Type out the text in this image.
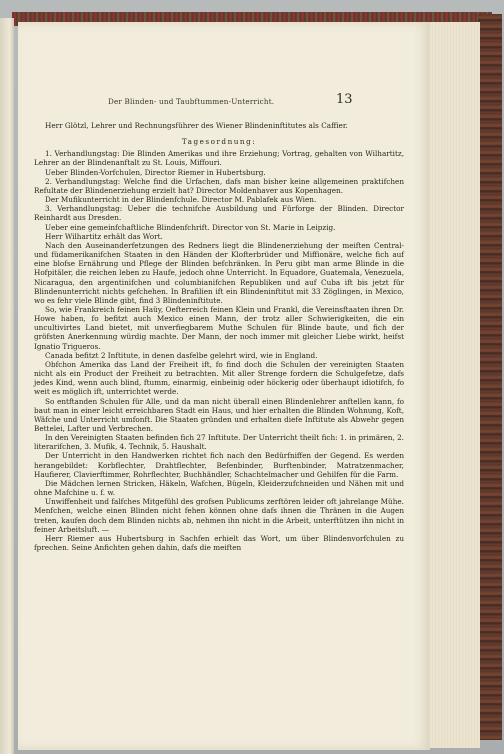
Der Blinden- und Taubftummen-Unterricht.	13

Herr Glötzl, Lehrer und Rechnungsführer des Wiener Blindeninftitutes als Caffier.

Tagesordnung:

1. Verhandlungstag: Die Blinden Amerikas und ihre Erziehung; Vortrag, gehalten von Wilhartitz, Lehrer an der Blindenanftalt zu St. Louis, Miffouri.

Ueber Blinden-Vorfchulen, Director Riemer in Hubertsburg.

2. Verhandlungstag: Welche find die Urfachen, dafs man bisher keine allgemeinen praktifchen Refultate der Blindenerziehung erzielt hat? Director Moldenhaver aus Kopenhagen.

Der Mufikunterricht in der Blindenfchule. Director M. Pablafek aus Wien.

3. Verhandlungstag: Ueber die technifche Ausbildung und Fürforge der Blinden. Director Reinhardt aus Dresden.

Ueber eine gemeinfchaftliche Blindenfchrift. Director von St. Marie in Leipzig.

Herr Wilhartitz erhält das Wort.

Nach den Auseinanderfetzungen des Redners liegt die Blindenerziehung der meiften Central- und füdamerikanifchen Staaten in den Händen der Klofterbrüder und Miffionäre, welche fich auf eine blofse Ernährung und Pflege der Blinden befchränken. In Peru gibt man arme Blinde in die Hofpitäler, die reichen leben zu Haufe, jedoch ohne Unterricht. In Equadore, Guatemala, Venezuela, Nicaragua, den argentinifchen und columbianifchen Republiken und auf Cuba ift bis jetzt für Blindenunterricht nichts gefchehen. In Brafilien ift ein Blindeninftitut mit 33 Zöglingen, in Mexico, wo es fehr viele Blinde gibt, find 3 Blindeninftitute.

So, wie Frankreich feinen Haüy, Oefterreich feinen Klein und Frankl, die Vereinsftaaten ihren Dr. Howe haben, fo befitzt auch Mexico einen Mann, der trotz aller Schwierigkeiten, die ein uncultivirtes Land bietet, mit unverfiegbarem Muthe Schulen für Blinde baute, und fich der gröfsten Anerkennung würdig machte. Der Mann, der noch immer mit gleicher Liebe wirkt, heifst Ignatio Trigueros.

Canada befitzt 2 Inftitute, in denen dasfelbe gelehrt wird, wie in England.

Obfchon Amerika das Land der Freiheit ift, fo find doch die Schulen der vereinigten Staaten nicht als ein Product der Freiheit zu betrachten. Mit aller Strenge fordern die Schulgefetze, dafs jedes Kind, wenn auch blind, ftumm, einarmig, einbeinig oder höckerig oder überhaupt idiotifch, fo weit es möglich ift, unterrichtet werde.

So entftanden Schulen für Alle, und da man nicht überall einen Blindenlehrer anftellen kann, fo baut man in einer leicht erreichbaren Stadt ein Haus, und hier erhalten die Blinden Wohnung, Koft, Wäfche und Unterricht umfonft. Die Staaten gründen und erhalten diefe Inftitute als Abwehr gegen Bettelei, Lafter und Verbrechen.

In den Vereinigten Staaten befinden fich 27 Inftitute. Der Unterricht theilt fich: 1. in primären, 2. literarifchen, 3. Mufik, 4. Technik, 5. Haushalt.

Der Unterricht in den Handwerken richtet fich nach den Bedürfniffen der Gegend. Es werden herangebildet: Korbflechter, Drahtflechter, Befenbinder, Burftenbinder, Matratzenmacher, Haufierer, Clavierftimmer, Rohrflechter, Buchhändler, Schachtelmacher und Gehilfen für die Farm.

Die Mädchen lernen Stricken, Häkeln, Wafchen, Bügeln, Kleiderzufchneiden und Nähen mit und ohne Mafchine u. f. w.

Unwiffenheit und falfches Mitgefühl des grofsen Publicums zerftören leider oft jahrelange Mühe. Menfchen, welche einen Blinden nicht fehen können ohne dafs ihnen die Thränen in die Augen treten, kaufen doch dem Blinden nichts ab, nehmen ihn nicht in die Arbeit, unterftützen ihn nicht in feiner Arbeitsluft. —

Herr Riemer aus Hubertsburg in Sachfen erhielt das Wort, um über Blindenvorfchulen zu fprechen. Seine Anfichten gehen dahin, dafs die meiften
